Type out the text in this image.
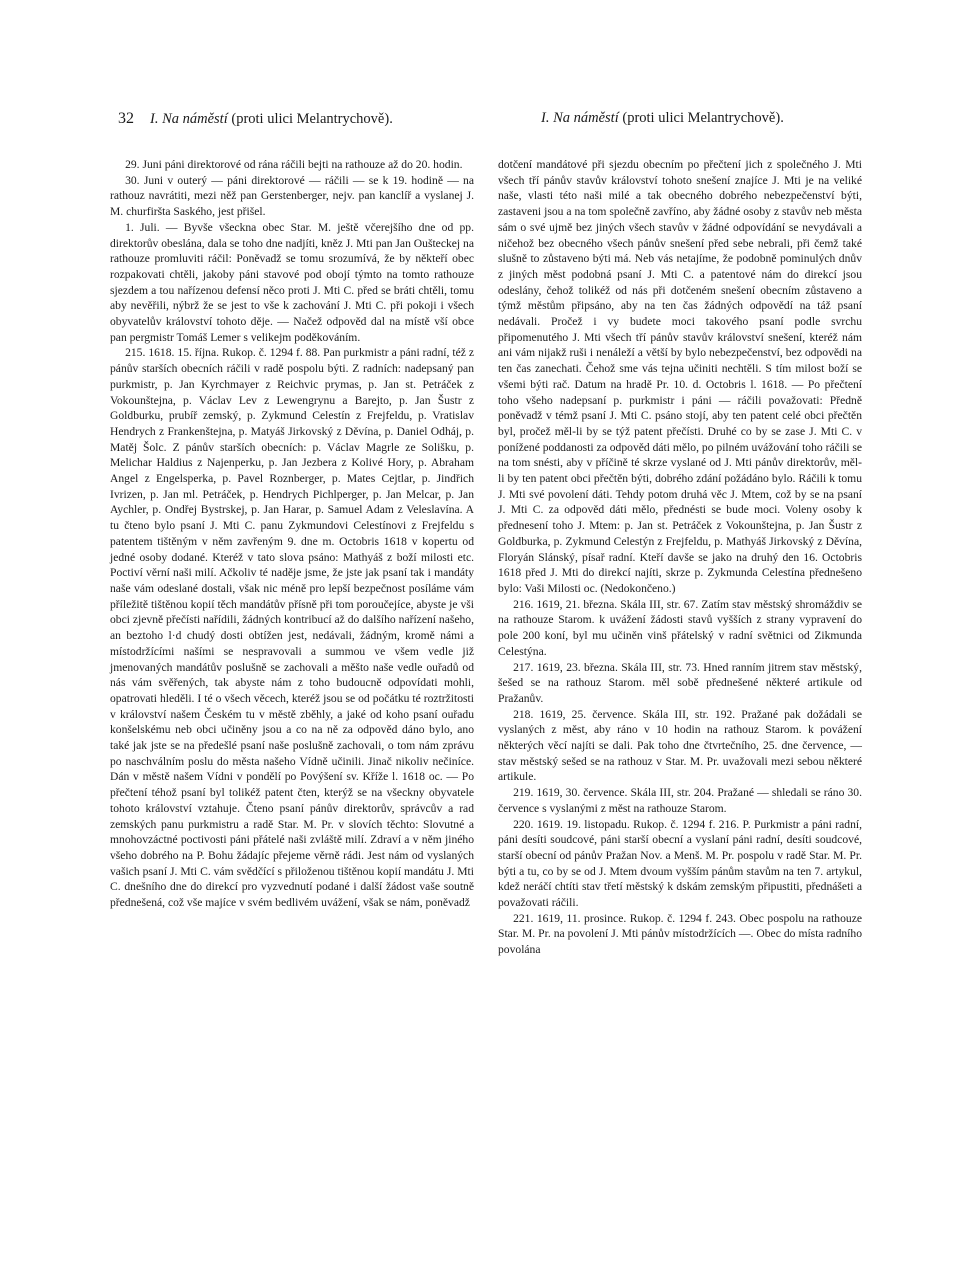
32 I. Na náměstí (proti ulici Melantrychově).	I. Na náměstí (proti ulici Melantrychově).

29. Juni páni direktorové od rána ráčili bejti na rathouze až do 20. hodin.

30. Juni v outerý — páni direktorové — ráčili — se k 19. hodině — na rathouz navrátiti, mezi něž pan Gerstenberger, nejv. pan kanclíř a vyslanej J. M. churfiršta Saského, jest přišel.

1. Juli. — Byvše všeckna obec Star. M. ještě včerejšího dne od pp. direktorův obeslána, dala se toho dne nadjíti, kněz J. Mti pan Jan Oušteckej na rathouze promluviti ráčil: Poněvadž se tomu srozumívá, že by někteří obec rozpakovati chtěli, jakoby páni stavové pod obojí týmto na tomto rathouze sjezdem a tou nařízenou defensí něco proti J. Mti C. před se bráti chtěli, tomu aby nevěřili, nýbrž že se jest to vše k zachování J. Mti C. při pokoji i všech obyvatelův království tohoto děje. — Načež odpověd dal na místě vší obce pan pergmistr Tomáš Lemer s velikejm poděkováním.

215. 1618. 15. října. Rukop. č. 1294 f. 88. Pan purkmistr a páni radní, též z pánův starších obecních ráčili v radě pospolu býti. Z radních: nadepsaný pan purkmistr, p. Jan Kyrchmayer z Reichvic prymas, p. Jan st. Petráček z Vokounštejna, p. Václav Lev z Lewengrynu a Barejto, p. Jan Šustr z Goldburku, prubíř zemský, p. Zykmund Celestín z Frejfeldu, p. Vratislav Hendrych z Frankenštejna, p. Matyáš Jirkovský z Děvína, p. Daniel Odháj, p. Matěj Šolc. Z pánův starších obecních: p. Václav Magrle ze Solišku, p. Melichar Haldius z Najenperku, p. Jan Jezbera z Kolivé Hory, p. Abraham Angel z Engelsperka, p. Pavel Roznberger, p. Mates Cejtlar, p. Jindřich Ivrizen, p. Jan ml. Petráček, p. Hendrych Pichlperger, p. Jan Melcar, p. Jan Aychler, p. Ondřej Bystrskej, p. Jan Harar, p. Samuel Adam z Veleslavína. A tu čteno bylo psaní J. Mti C. panu Zykmundovi Celestínovi z Frejfeldu s patentem tištěným v něm zavřeným 9. dne m. Octobris 1618 v kopertu od jedné osoby dodané. Kteréž v tato slova psáno: Mathyáš z boží milosti etc. Poctiví věrní naši milí. Ačkoliv té naděje jsme, že jste jak psaní tak i mandáty naše vám odeslané dostali, však nic méně pro lepší bezpečnost posíláme vám příležitě tištěnou kopií těch mandátův přísně při tom poroučejíce, abyste je vši obci zjevně přečísti nařídili, žádných kontribucí až do dalšího nařízení našeho, an beztoho l·d chudý dosti obtížen jest, nedávali, žádným, kromě námi a místodržícími našími se nespravovali a summou ve všem vedle již jmenovaných mandátův poslušně se zachovali a měšto naše vedle ouřadů od nás vám svěřených, tak abyste nám z toho budoucně odpovídati mohli, opatrovati hleděli. I té o všech věcech, kteréž jsou se od počátku té roztržitosti v království našem Českém tu v městě zběhly, a jaké od koho psaní ouřadu konšelskému neb obci učiněny jsou a co na ně za odpověd dáno bylo, ano také jak jste se na předešlé psaní naše poslušně zachovali, o tom nám zprávu po naschválním poslu do města našeho Vídně učinili. Jinač nikoliv nečiníce. Dán v městě našem Vídni v pondělí po Povýšení sv. Kříže l. 1618 oc. — Po přečtení téhož psaní byl tolikéž patent čten, kterýž se na všeckny obyvatele tohoto království vztahuje. Čteno psaní pánův direktorův, správcův a rad zemských panu purkmistru a radě Star. M. Pr. v slovích těchto: Slovutné a mnohovzáctné poctivosti páni přátelé naši zvláště milí. Zdraví a v něm jiného všeho dobrého na P. Bohu žádajíc přejeme věrně rádi. Jest nám od vyslaných vašich psaní J. Mti C. vám svědčící s přiloženou tištěnou kopií mandátu J. Mti C. dnešního dne do direkcí pro vyzvednutí podané i další žádost vaše soutně přednešená, což vše majíce v svém bedlivém uvážení, však se nám, poněvadž

dotčení mandátové při sjezdu obecním po přečtení jich z společného J. Mti všech tří pánův stavův království tohoto snešení znajíce J. Mti je na veliké naše, vlasti této naši milé a tak obecného dobrého nebezpečenství býti, zastaveni jsou a na tom společně zavříno, aby žádné osoby z stavův neb města sám o své ujmě bez jiných všech stavův v žádné odpovídání se nevydávali a ničehož bez obecného všech pánův snešení před sebe nebrali, při čemž také slušně to zůstaveno býti má. Neb vás netajíme, že podobně pominulých dnův z jiných měst podobná psaní J. Mti C. a patentové nám do direkcí jsou odeslány, čehož tolikéž od nás při dotčeném snešení obecním zůstaveno a týmž městům připsáno, aby na ten čas žádných odpovědí na táž psaní nedávali. Pročež i vy budete moci takového psaní podle svrchu připomenutého J. Mti všech tří pánův stavův království snešení, kteréž nám ani vám nijakž ruši i nenáleží a větší by bylo nebezpečenství, bez odpovědi na ten čas zanechati. Čehož sme vás tejna učiniti nechtěli. S tím milost boží se všemi býti rač. Datum na hradě Pr. 10. d. Octobris l. 1618. — Po přečtení toho všeho nadepsaní p. purkmistr i páni — ráčili považovati: Předně poněvadž v témž psaní J. Mti C. psáno stojí, aby ten patent celé obci přečtěn byl, pročež měl-li by se týž patent přečísti. Druhé co by se zase J. Mti C. v ponížené poddanosti za odpověd dáti mělo, po pilném uvážování toho ráčili se na tom snésti, aby v příčině té skrze vyslané od J. Mti pánův direktorův, měl-li by ten patent obci přečtěn býti, dobrého zdání požádáno bylo. Ráčili k tomu J. Mti své povolení dáti. Tehdy potom druhá věc J. Mtem, což by se na psaní J. Mti C. za odpověd dáti mělo, přednésti se bude moci. Voleny osoby k přednesení toho J. Mtem: p. Jan st. Petráček z Vokounštejna, p. Jan Šustr z Goldburka, p. Zykmund Celestýn z Frejfeldu, p. Mathyáš Jirkovský z Děvína, Floryán Slánský, písař radní. Kteří davše se jako na druhý den 16. Octobris 1618 před J. Mti do direkcí najíti, skrze p. Zykmunda Celestína přednešeno bylo: Vaši Milosti oc. (Nedokončeno.)

216. 1619, 21. března. Skála III, str. 67. Zatím stav městský shromáždiv se na rathouze Starom. k uvážení žádosti stavů vyšších z strany vypravení do pole 200 koní, byl mu učiněn vinš přátelský v radní světnici od Zikmunda Celestýna.

217. 1619, 23. března. Skála III, str. 73. Hned ranním jitrem stav městský, šešed se na rathouz Starom. měl sobě přednešené některé artikule od Pražanův.

218. 1619, 25. července. Skála III, str. 192. Pražané pak dožádali se vyslaných z měst, aby ráno v 10 hodin na rathouz Starom. k povážení některých věcí najíti se dali. Pak toho dne čtvrtečního, 25. dne července, — stav městský sešed se na rathouz v Star. M. Pr. uvažovali mezi sebou některé artikule.

219. 1619, 30. července. Skála III, str. 204. Pražané — shledali se ráno 30. července s vyslanými z měst na rathouze Starom.

220. 1619. 19. listopadu. Rukop. č. 1294 f. 216. P. Purkmistr a páni radní, páni desíti soudcové, páni starší obecní a vyslaní páni radní, desíti soudcové, starší obecní od pánův Pražan Nov. a Menš. M. Pr. pospolu v radě Star. M. Pr. býti a tu, co by se od J. Mtem dvoum vyšším pánům stavům na ten 7. artykul, kdež neráčí chtíti stav třetí městský k dskám zemským připustiti, přednášeti a považovati ráčili.

221. 1619, 11. prosince. Rukop. č. 1294 f. 243. Obec pospolu na rathouze Star. M. Pr. na povolení J. Mti pánův místodržících —. Obec do místa radního povolána
